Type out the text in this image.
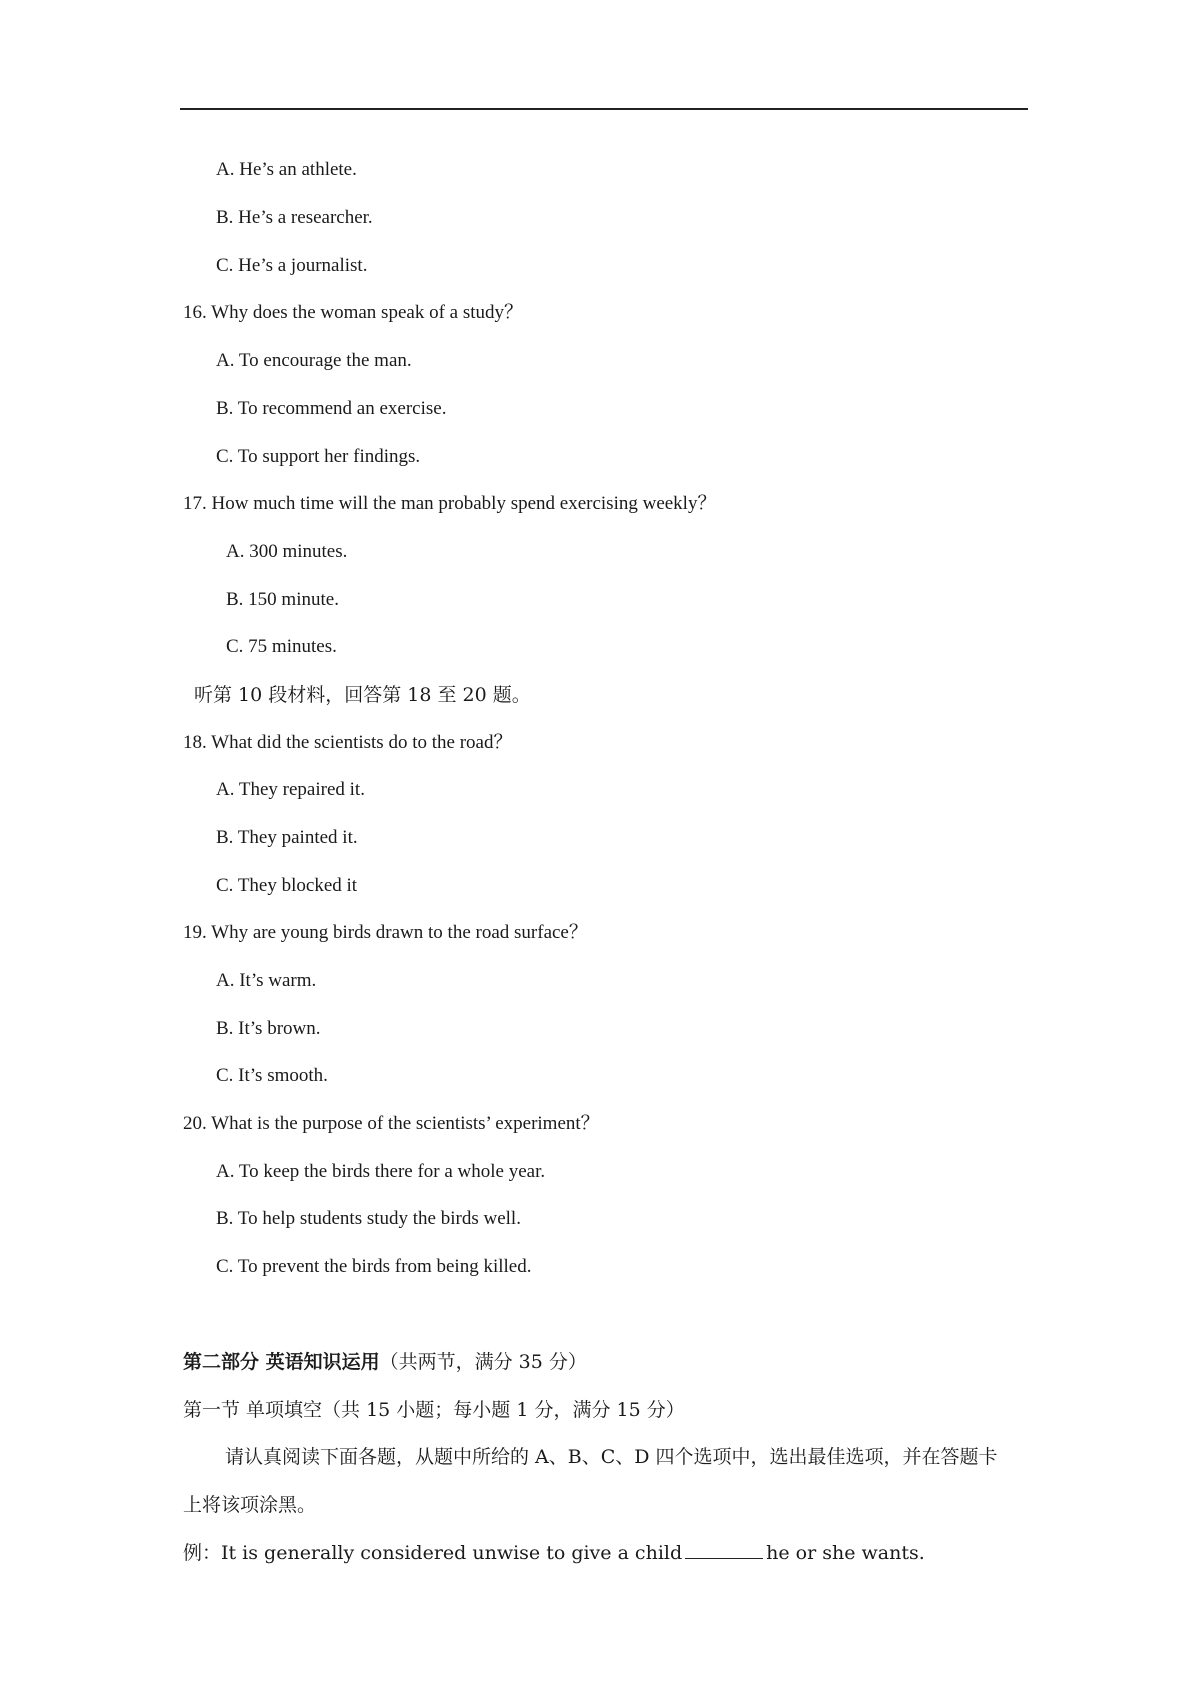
A. He’s an athlete.
B. He’s a researcher.
C. He’s a journalist.
16. Why does the woman speak of a study？
A. To encourage the man.
B. To recommend an exercise.
C. To support her findings.
17. How much time will the man probably spend exercising weekly？
A. 300 minutes.
B. 150 minute.
C. 75 minutes.
听第 10 段材料，回答第 18 至 20 题。
18. What did the scientists do to the road？
A. They repaired it.
B. They painted it.
C. They blocked it
19. Why are young birds drawn to the road surface？
A. It’s warm.
B. It’s brown.
C. It’s smooth.
20. What is the purpose of the scientists’ experiment？
A. To keep the birds there for a whole year.
B. To help students study the birds well.
C. To prevent the birds from being killed.
第二部分 英语知识运用（共两节，满分 35 分）
第一节 单项填空（共 15 小题；每小题 1 分，满分 15 分）
请认真阅读下面各题，从题中所给的 A、B、C、D 四个选项中，选出最佳选项，并在答题卡
上将该项涂黑。
例：It is generally considered unwise to give a child	he or she wants.
